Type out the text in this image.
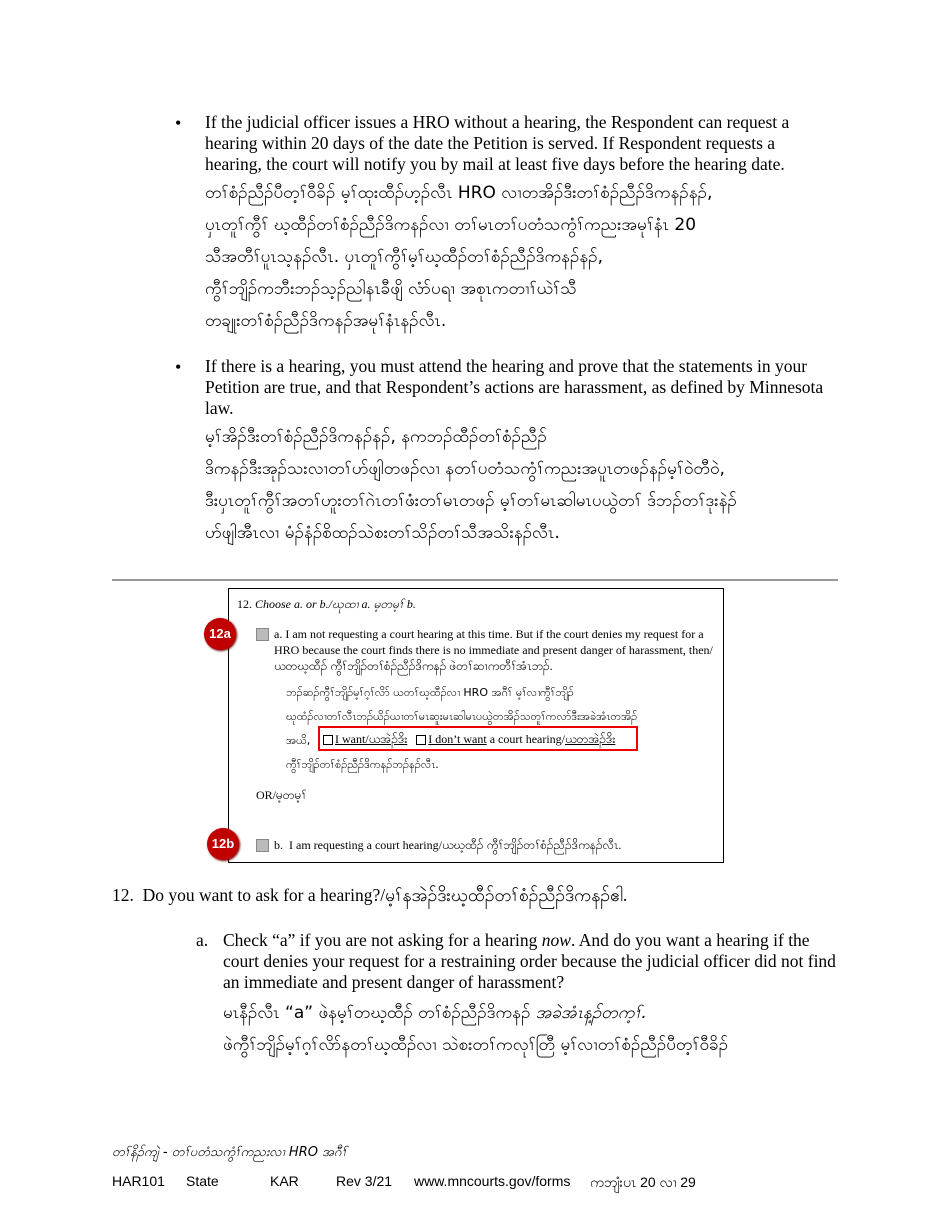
• If the judicial officer issues a HRO without a hearing, the Respondent can request a hearing within 20 days of the date the Petition is served. If Respondent requests a hearing, the court will notify you by mail at least five days before the hearing date.
တၢ်စံၣ်ညီၣ်ပီတ့ၢ်ဝီခိၣ် မ့ၢ်ထုးထီၣ်ဟ့ၣ်လီၤ HRO လၢတအိၣ်ဒီးတၢ်စံၣ်ညီၣ်ဒိကနၣ်နၣ်,
ပှၤတူၢ်ကွီၢ် ဃ့ထီၣ်တၢ်စံၣ်ညီၣ်ဒိကနၣ်လၢ တၢ်မၤတၢ်ပတံသကွံၢ်ကညးအမုၢ်နံၤ 20
သီအတီၢ်ပူၤသ့နၣ်လီၤ. ပှၤတူၢ်ကွီၢ်မ့ၢ်ဃ့ထီၣ်တၢ်စံၣ်ညီၣ်ဒိကနၣ်နၣ်,
ကွီၢ်ဘျိၣ်ကဘီးဘၣ်သ့ၣ်ညါနၤခီဖျိ လံာ်ပရၢ အစုၤကတၢၢ်ယဲၢ်သီ
တချုးတၢ်စံၣ်ညီၣ်ဒိကနၣ်အမုၢ်နံၤနၣ်လီၤ.
• If there is a hearing, you must attend the hearing and prove that the statements in your Petition are true, and that Respondent’s actions are harassment, as defined by Minnesota law.
မ့ၢ်အိၣ်ဒီးတၢ်စံၣ်ညီၣ်ဒိကနၣ်နၣ်, နကဘၣ်ထီၣ်တၢ်စံၣ်ညီၣ်
ဒိကနၣ်ဒီးအုၣ်သးလၢတၢ်ဟ်ဖျါတဖၣ်လၢ နတၢ်ပတံသကွံၢ်ကညးအပူၤတဖၣ်နၣ်မ့ၢ်ဝဲတီဝဲ,
ဒီးပှၤတူၢ်ကွီၢ်အတၢ်ဟူးတၢ်ဂဲၤတၢ်ဖံးတၢ်မၤတဖၣ် မ့ၢ်တၢ်မၤဆါမၤပယွဲတၢ် ဒ်ဘၣ်တၢ်ဒုးနဲၣ်
ဟ်ဖျါအီၤလၢ မံၣ်နံၣ်စိထၣ်သဲစးတၢ်သိၣ်တၢ်သီအသိးနၣ်လီၤ.
12. Choose a. or b./ဃုထၢ a. မ့တမ့ၢ် b.
a. I am not requesting a court hearing at this time. But if the court denies my request for a HRO because the court finds there is no immediate and present danger of harassment, then/ယတဃ့ထီၣ် ကွီၢ်ဘျိၣ်တၢ်စံၣ်ညီၣ်ဒိကနၣ် ဖဲတၢ်ဆၢကတီၢ်အံၤဘၣ်.
ဘၣ်ဆၣ်ကွီၢ်ဘျိၣ်မ့ၢ်ဂ့ၢ်လိာ် ယတၢ်ဃ့ထီၣ်လၢ HRO အဂီၢ် မ့ၢ်လၢကွီၢ်ဘျိၣ်
ဃုထံၣ်လၢတၢ်လီၤဘၣ်ယိၣ်ယၢတၢ်မၤဆူးမၤဆါမၤပယွဲတအိၣ်သတူၢ်ကလာ်ဒီးအခဲအံၤတအိၣ်
အယိ,
ကွီၢ်ဘျိၣ်တၢ်စံၣ်ညီၣ်ဒိကနၣ်ဘၣ်နၣ်လီၤ.
I want/ယအဲၣ်ဒိး I don’t want a court hearing/ယတအဲၣ်ဒိး
OR/မ့တမ့ၢ်
b. I am requesting a court hearing/ယဃ့ထီၣ် ကွီၢ်ဘျိၣ်တၢ်စံၣ်ညီၣ်ဒိကနၣ်လီၤ.
12a
12b
12. Do you want to ask for a hearing?/မ့ၢ်နအဲၣ်ဒိးဃ့ထီၣ်တၢ်စံၣ်ညီၣ်ဒိကနၣ်ဧါ.
a. Check “a” if you are not asking for a hearing now. And do you want a hearing if the court denies your request for a restraining order because the judicial officer did not find an immediate and present danger of harassment?
မၤနီၣ်လီၤ “a” ဖဲနမ့ၢ်တဃ့ထီၣ် တၢ်စံၣ်ညီၣ်ဒိကနၣ် အခဲအံၤန့ၣ်တက့ၢ်.
ဖဲကွီၢ်ဘျိၣ်မ့ၢ်ဂ့ၢ်လိာ်နတၢ်ဃ့ထီၣ်လၢ သဲစးတၢ်ကလုၢ်တြီ မ့ၢ်လၢတၢ်စံၣ်ညီၣ်ပီတ့ၢ်ဝီခိၣ်
တၢ်နိၣ်ကျဲ - တၢ်ပတံသကွံၢ်ကညးလၢ HRO အဂီၢ်
HAR101 State	KAR	Rev 3/21 www.mncourts.gov/forms ကဘျံးပၤ 20 လၢ 29
